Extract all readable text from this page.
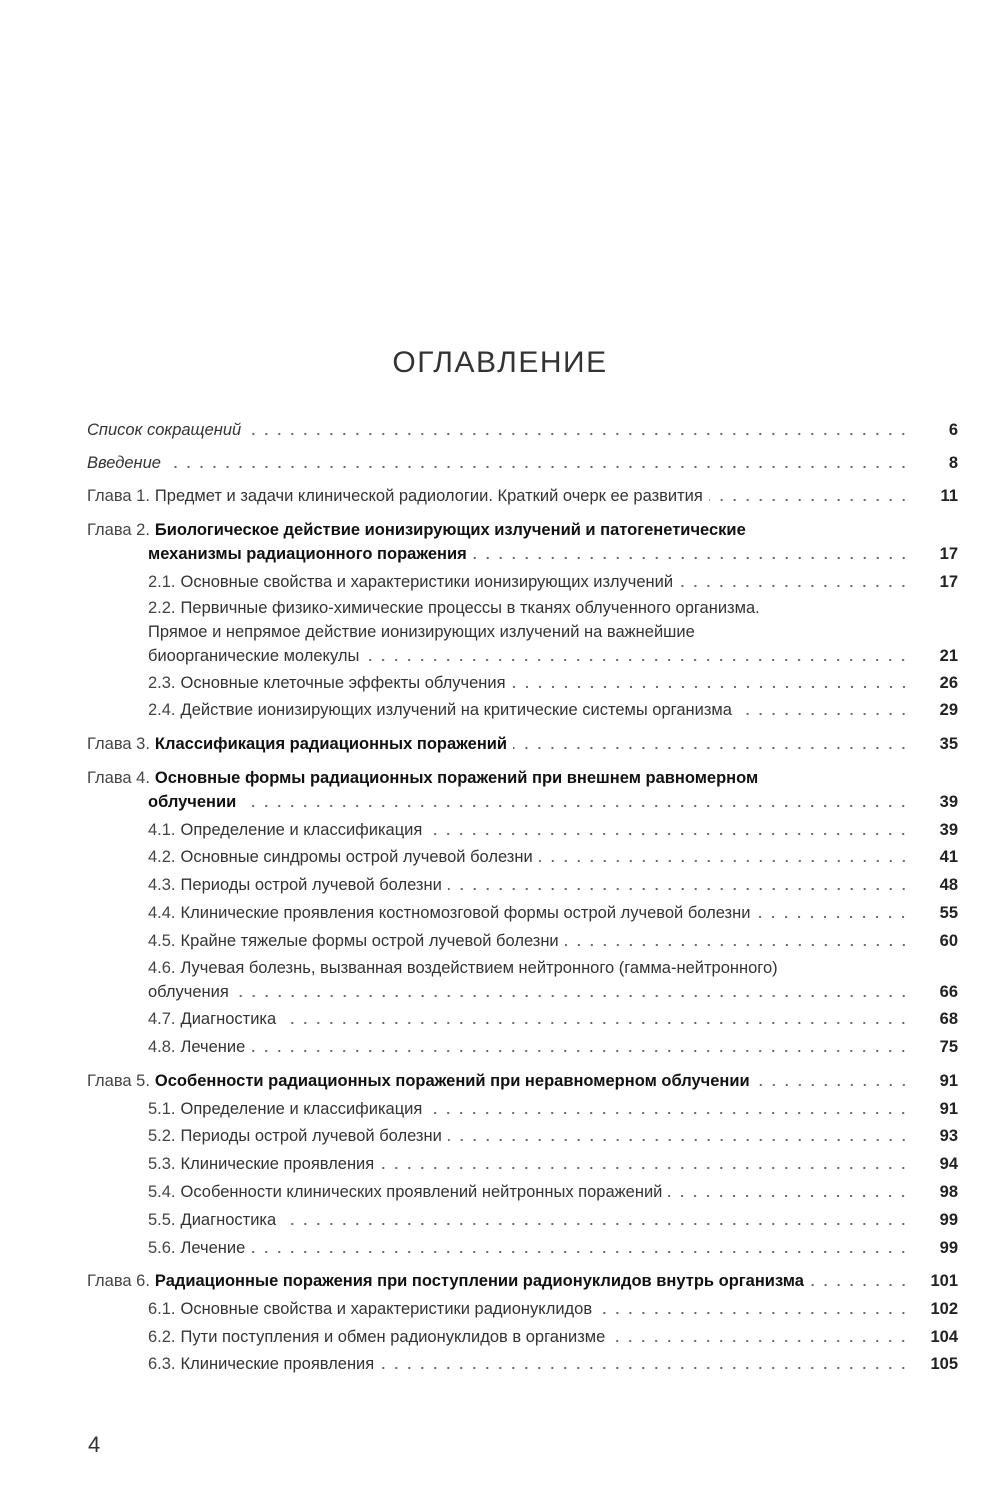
ОГЛАВЛЕНИЕ
Список сокращений	6
Введение	8
Глава 1. Предмет и задачи клинической радиологии. Краткий очерк ее развития	11
Глава 2. Биологическое действие ионизирующих излучений и патогенетические
механизмы радиационного поражения	17
2.1. Основные свойства и характеристики ионизирующих излучений	17
2.2. Первичные физико-химические процессы в тканях облученного организма.
Прямое и непрямое действие ионизирующих излучений на важнейшие
биоорганические молекулы	21
2.3. Основные клеточные эффекты облучения	26
2.4. Действие ионизирующих излучений на критические системы организма	29
Глава 3. Классификация радиационных поражений	35
Глава 4. Основные формы радиационных поражений при внешнем равномерном
облучении	39
4.1. Определение и классификация	39
4.2. Основные синдромы острой лучевой болезни	41
4.3. Периоды острой лучевой болезни	48
4.4. Клинические проявления костномозговой формы острой лучевой болезни	55
4.5. Крайне тяжелые формы острой лучевой болезни	60
4.6. Лучевая болезнь, вызванная воздействием нейтронного (гамма-нейтронного)
облучения	66
4.7. Диагностика	68
4.8. Лечение	75
Глава 5. Особенности радиационных поражений при неравномерном облучении	91
5.1. Определение и классификация	91
5.2. Периоды острой лучевой болезни	93
5.3. Клинические проявления	94
5.4. Особенности клинических проявлений нейтронных поражений	98
5.5. Диагностика	99
5.6. Лечение	99
Глава 6. Радиационные поражения при поступлении радионуклидов внутрь организма	101
6.1. Основные свойства и характеристики радионуклидов	102
6.2. Пути поступления и обмен радионуклидов в организме	104
6.3. Клинические проявления	105
4
